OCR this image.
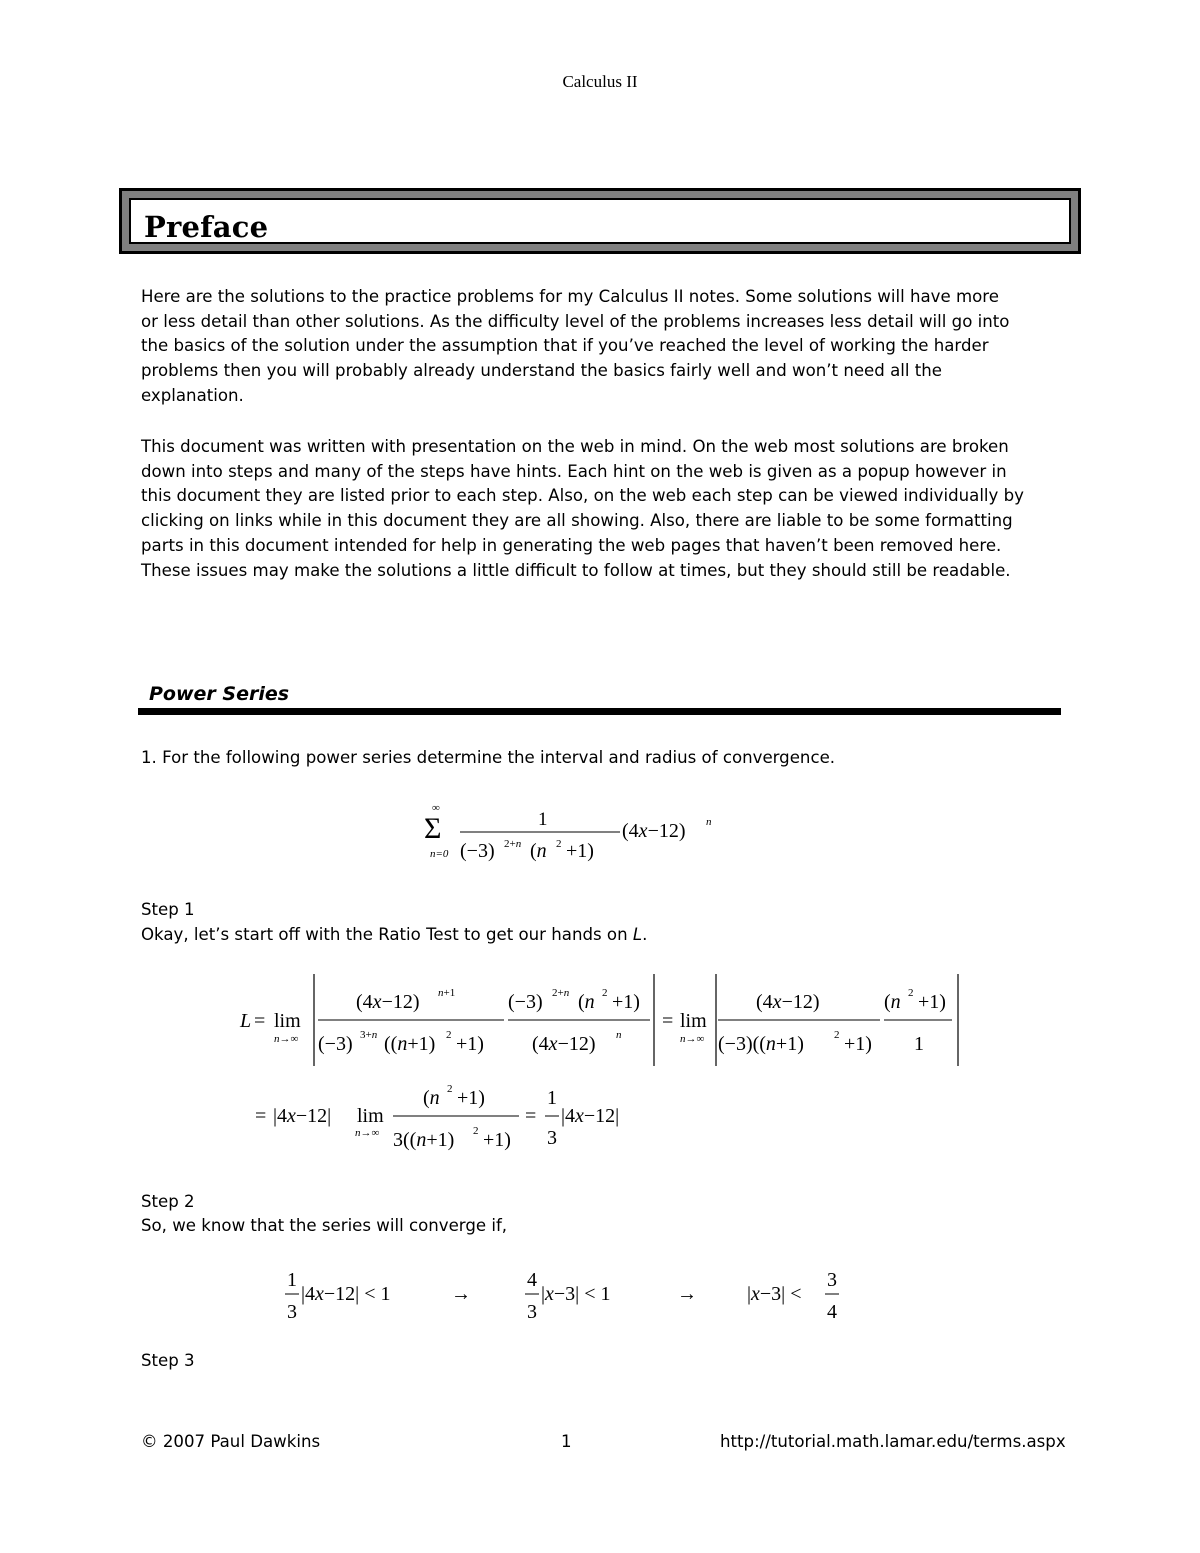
Calculus II
Preface
Here are the solutions to the practice problems for my Calculus II notes. Some solutions will have more
or less detail than other solutions. As the difficulty level of the problems increases less detail will go into
the basics of the solution under the assumption that if you’ve reached the level of working the harder
problems then you will probably already understand the basics fairly well and won’t need all the
explanation.
This document was written with presentation on the web in mind. On the web most solutions are broken
down into steps and many of the steps have hints. Each hint on the web is given as a popup however in
this document they are listed prior to each step. Also, on the web each step can be viewed individually by
clicking on links while in this document they are all showing. Also, there are liable to be some formatting
parts in this document intended for help in generating the web pages that haven’t been removed here.
These issues may make the solutions a little difficult to follow at times, but they should still be readable.
Power Series
1. For the following power series determine the interval and radius of convergence.
Σ
∞
n=0
1
(−3) 2+n (n 2 +1)
(4x−12) n
Step 1
Okay, let’s start off with the Ratio Test to get our hands on L.
L = lim
n→∞
(4x−12) n+1
(−3) 3+n ((n+1) 2 +1)
(−3) 2+n (n 2 +1)
(4x−12) n
= lim
n→∞
(4x−12)
(−3)((n+1)	2 +1)
(n 2 +1)
1
= |4x−12| lim
n→∞
(n 2 +1)
3((n+1) 2 +1)
=
1
3
|4x−12|
Step 2
So, we know that the series will converge if,
1
3
|4x−12| < 1	→
4
3
|x−3| < 1	→	|x−3| <
3
4
Step 3
© 2007 Paul Dawkins	1	http://tutorial.math.lamar.edu/terms.aspx
